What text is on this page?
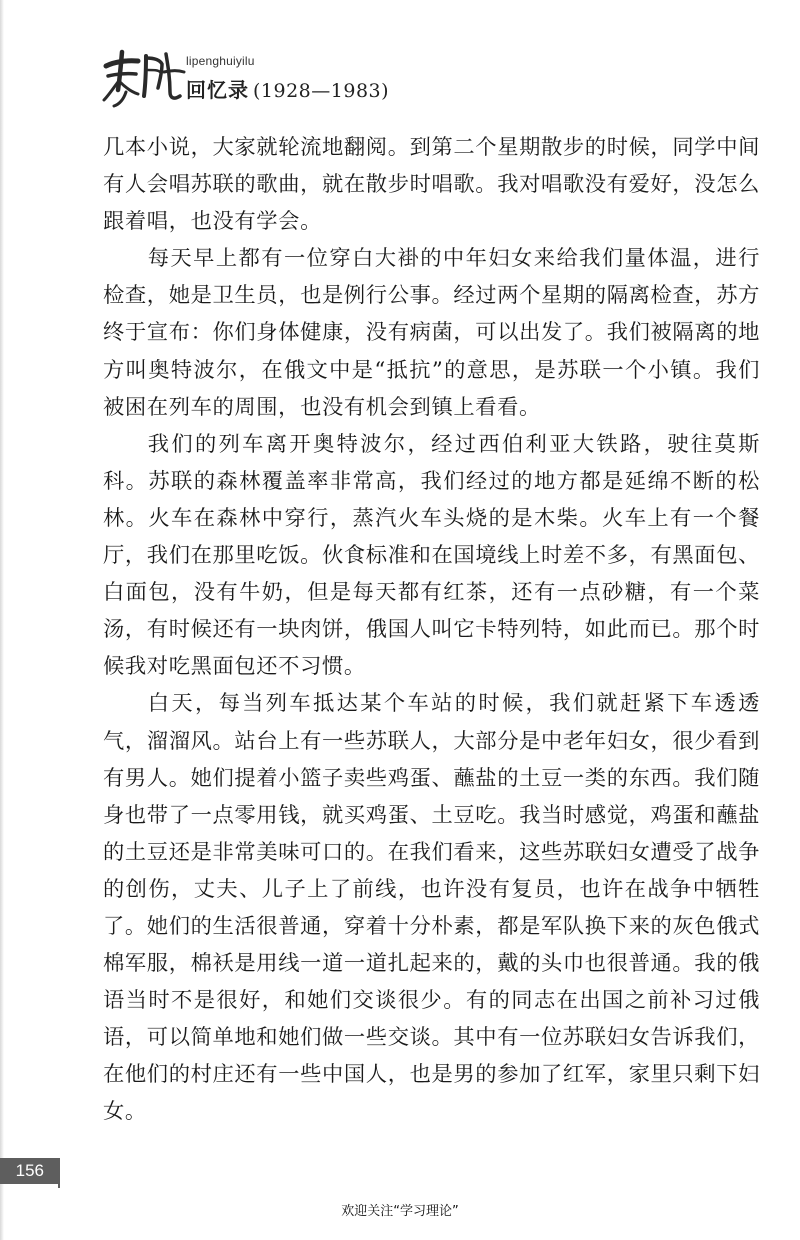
lipenghuiyilu
回忆录 (1928—1983)

几本小说，大家就轮流地翻阅。到第二个星期散步的时候，同学中间有人会唱苏联的歌曲，就在散步时唱歌。我对唱歌没有爱好，没怎么跟着唱，也没有学会。

每天早上都有一位穿白大褂的中年妇女来给我们量体温，进行检查，她是卫生员，也是例行公事。经过两个星期的隔离检查，苏方终于宣布：你们身体健康，没有病菌，可以出发了。我们被隔离的地方叫奥特波尔，在俄文中是“抵抗”的意思，是苏联一个小镇。我们被困在列车的周围，也没有机会到镇上看看。

我们的列车离开奥特波尔，经过西伯利亚大铁路，驶往莫斯科。苏联的森林覆盖率非常高，我们经过的地方都是延绵不断的松林。火车在森林中穿行，蒸汽火车头烧的是木柴。火车上有一个餐厅，我们在那里吃饭。伙食标准和在国境线上时差不多，有黑面包、白面包，没有牛奶，但是每天都有红茶，还有一点砂糖，有一个菜汤，有时候还有一块肉饼，俄国人叫它卡特列特，如此而已。那个时候我对吃黑面包还不习惯。

白天，每当列车抵达某个车站的时候，我们就赶紧下车透透气，溜溜风。站台上有一些苏联人，大部分是中老年妇女，很少看到有男人。她们提着小篮子卖些鸡蛋、蘸盐的土豆一类的东西。我们随身也带了一点零用钱，就买鸡蛋、土豆吃。我当时感觉，鸡蛋和蘸盐的土豆还是非常美味可口的。在我们看来，这些苏联妇女遭受了战争的创伤，丈夫、儿子上了前线，也许没有复员，也许在战争中牺牲了。她们的生活很普通，穿着十分朴素，都是军队换下来的灰色俄式棉军服，棉袄是用线一道一道扎起来的，戴的头巾也很普通。我的俄语当时不是很好，和她们交谈很少。有的同志在出国之前补习过俄语，可以简单地和她们做一些交谈。其中有一位苏联妇女告诉我们，在他们的村庄还有一些中国人，也是男的参加了红军，家里只剩下妇女。

156
欢迎关注“学习理论”
